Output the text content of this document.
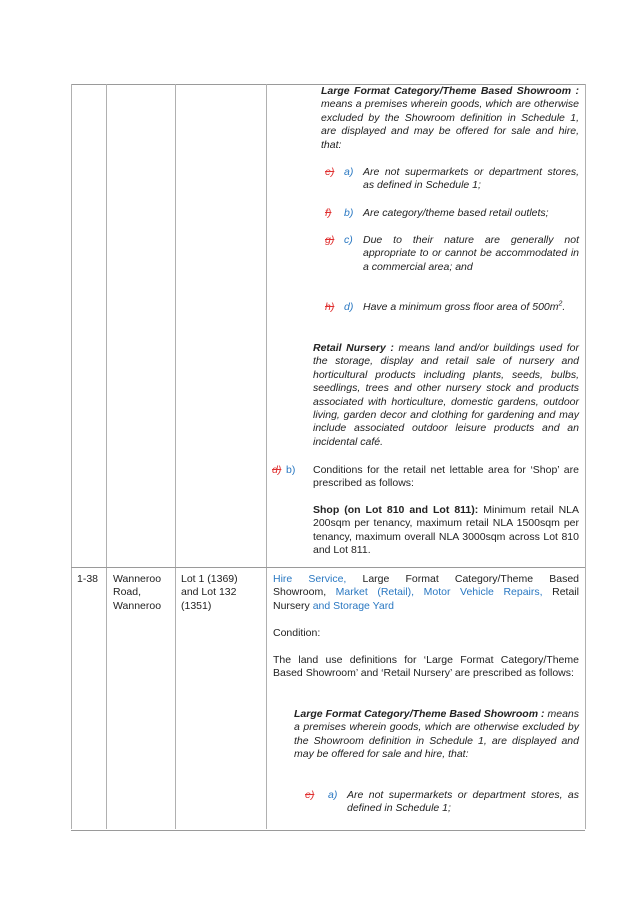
Large Format Category/Theme Based Showroom : means a premises wherein goods, which are otherwise excluded by the Showroom definition in Schedule 1, are displayed and may be offered for sale and hire, that:

e) a) Are not supermarkets or department stores, as defined in Schedule 1;

f) b) Are category/theme based retail outlets;

g) c) Due to their nature are generally not appropriate to or cannot be accommodated in a commercial area; and

h) d) Have a minimum gross floor area of $500m^2$.

Retail Nursery : means land and/or buildings used for the storage, display and retail sale of nursery and horticultural products including plants, seeds, bulbs, seedlings, trees and other nursery stock and products associated with horticulture, domestic gardens, outdoor living, garden decor and clothing for gardening and may include associated outdoor leisure products and an incidental café.

d) b) Conditions for the retail net lettable area for ‘Shop’ are prescribed as follows:

Shop (on Lot 810 and Lot 811): Minimum retail NLA 200sqm per tenancy, maximum retail NLA 1500sqm per tenancy, maximum overall NLA 3000sqm across Lot 810 and Lot 811.

1-38 Wanneroo
Road,
Wanneroo
Lot 1 (1369)
and Lot 132
(1351)
Hire Service, Large Format Category/Theme Based
Showroom, Market (Retail), Motor Vehicle Repairs, Retail
Nursery and Storage Yard

Condition:

The land use definitions for ‘Large Format Category/Theme Based Showroom’ and ‘Retail Nursery’ are prescribed as follows:

Large Format Category/Theme Based Showroom : means a premises wherein goods, which are otherwise excluded by the Showroom definition in Schedule 1, are displayed and may be offered for sale and hire, that:

e) a) Are not supermarkets or department stores, as defined in Schedule 1;
